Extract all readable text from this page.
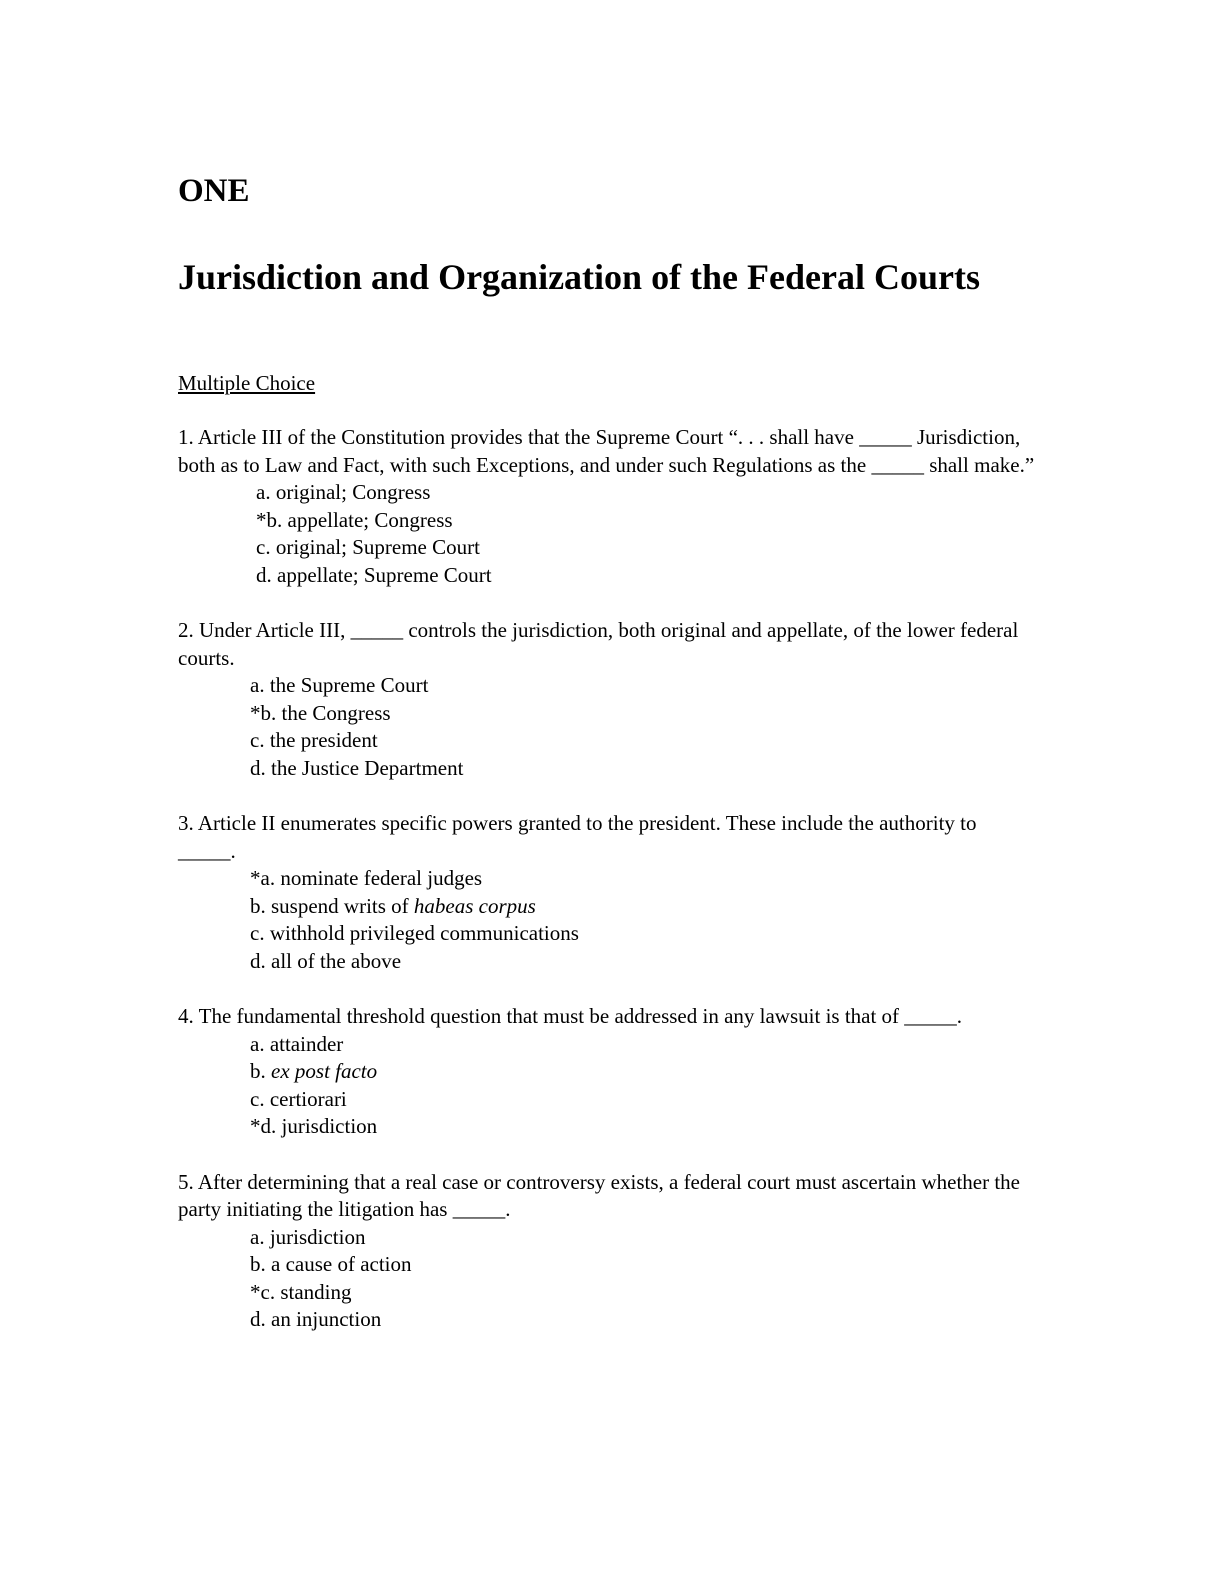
ONE
Jurisdiction and Organization of the Federal Courts
Multiple Choice

1. Article III of the Constitution provides that the Supreme Court “. . . shall have _____ Jurisdiction, both as to Law and Fact, with such Exceptions, and under such Regulations as the _____ shall make.”

a. original; Congress
*b. appellate; Congress
c. original; Supreme Court
d. appellate; Supreme Court

2. Under Article III, _____ controls the jurisdiction, both original and appellate, of the lower federal courts.

a. the Supreme Court
*b. the Congress
c. the president
d. the Justice Department

3. Article II enumerates specific powers granted to the president. These include the authority to _____.

*a. nominate federal judges
b. suspend writs of habeas corpus
c. withhold privileged communications
d. all of the above

4. The fundamental threshold question that must be addressed in any lawsuit is that of _____.

a. attainder
b. ex post facto
c. certiorari
*d. jurisdiction

5. After determining that a real case or controversy exists, a federal court must ascertain whether the party initiating the litigation has _____.

a. jurisdiction
b. a cause of action
*c. standing
d. an injunction
